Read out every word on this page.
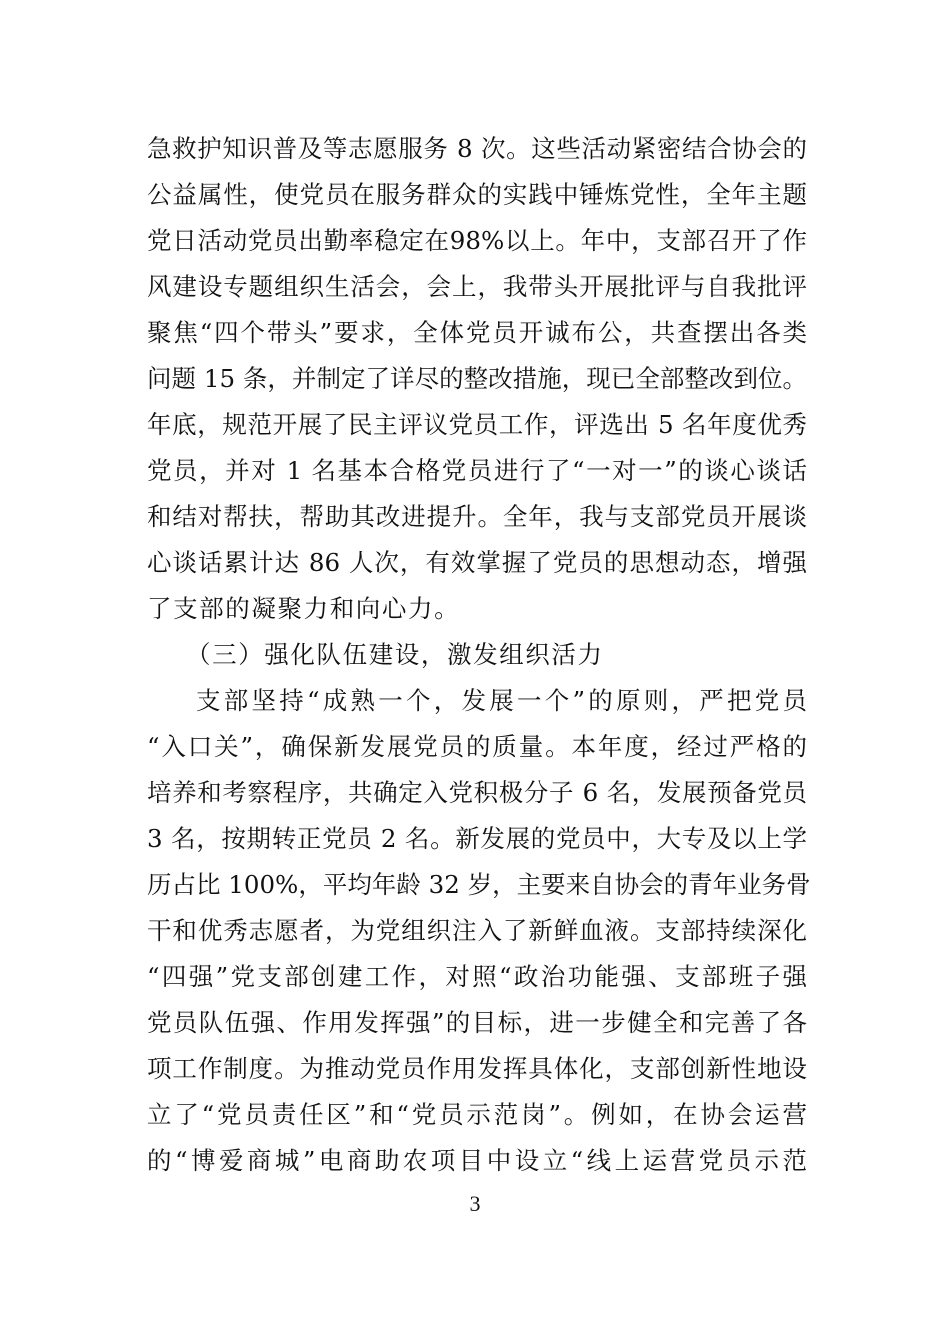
急救护知识普及等志愿服务 8 次。这些活动紧密结合协会的
公益属性，使党员在服务群众的实践中锤炼党性，全年主题
党日活动党员出勤率稳定在98%以上。年中，支部召开了作
风建设专题组织生活会，会上，我带头开展批评与自我批评
聚焦“四个带头”要求，全体党员开诚布公，共查摆出各类
问题 15 条，并制定了详尽的整改措施，现已全部整改到位。
年底，规范开展了民主评议党员工作，评选出 5 名年度优秀
党员，并对 1 名基本合格党员进行了“一对一”的谈心谈话
和结对帮扶，帮助其改进提升。全年，我与支部党员开展谈
心谈话累计达 86 人次，有效掌握了党员的思想动态，增强
了支部的凝聚力和向心力。
（三）强化队伍建设，激发组织活力
支部坚持“成熟一个，发展一个”的原则，严把党员
“入口关”，确保新发展党员的质量。本年度，经过严格的
培养和考察程序，共确定入党积极分子 6 名，发展预备党员
3 名，按期转正党员 2 名。新发展的党员中，大专及以上学
历占比 100%，平均年龄 32 岁，主要来自协会的青年业务骨
干和优秀志愿者，为党组织注入了新鲜血液。支部持续深化
“四强”党支部创建工作，对照“政治功能强、支部班子强
党员队伍强、作用发挥强”的目标，进一步健全和完善了各
项工作制度。为推动党员作用发挥具体化，支部创新性地设
立了“党员责任区”和“党员示范岗”。例如，在协会运营
的“博爱商城”电商助农项目中设立“线上运营党员示范
3
